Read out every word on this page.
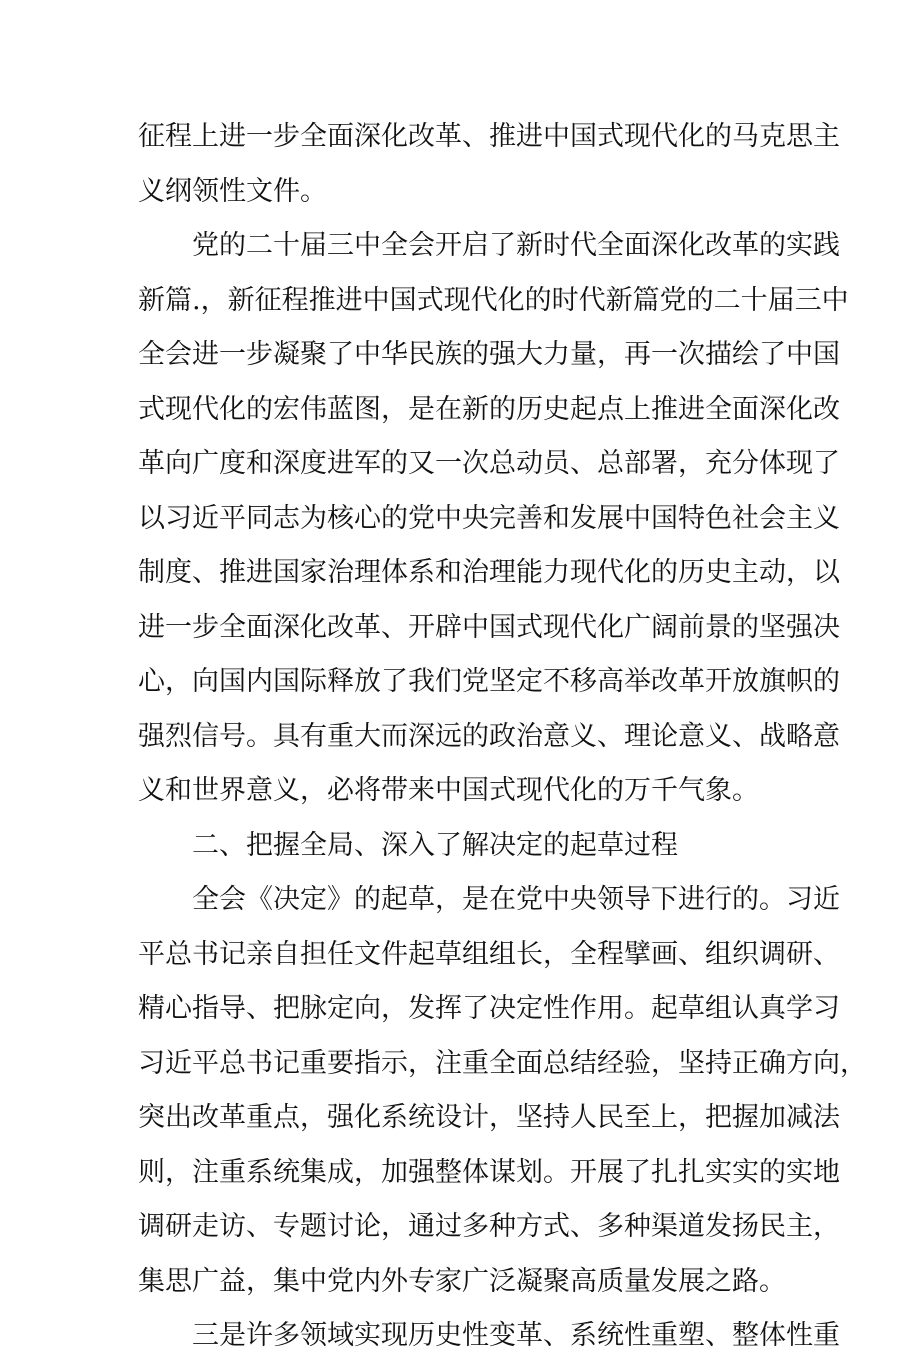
征程上进一步全面深化改革、推进中国式现代化的马克思主
义纲领性文件。
党的二十届三中全会开启了新时代全面深化改革的实践
新篇.，新征程推进中国式现代化的时代新篇党的二十届三中
全会进一步凝聚了中华民族的强大力量，再一次描绘了中国
式现代化的宏伟蓝图，是在新的历史起点上推进全面深化改
革向广度和深度进军的又一次总动员、总部署，充分体现了
以习近平同志为核心的党中央完善和发展中国特色社会主义
制度、推进国家治理体系和治理能力现代化的历史主动，以
进一步全面深化改革、开辟中国式现代化广阔前景的坚强决
心，向国内国际释放了我们党坚定不移高举改革开放旗帜的
强烈信号。具有重大而深远的政治意义、理论意义、战略意
义和世界意义，必将带来中国式现代化的万千气象。
二、把握全局、深入了解决定的起草过程
全会《决定》的起草，是在党中央领导下进行的。习近
平总书记亲自担任文件起草组组长，全程擘画、组织调研、
精心指导、把脉定向，发挥了决定性作用。起草组认真学习
习近平总书记重要指示，注重全面总结经验，坚持正确方向，
突出改革重点，强化系统设计，坚持人民至上，把握加减法
则，注重系统集成，加强整体谋划。开展了扎扎实实的实地
调研走访、专题讨论，通过多种方式、多种渠道发扬民主，
集思广益，集中党内外专家广泛凝聚高质量发展之路。
三是许多领域实现历史性变革、系统性重塑、整体性重
